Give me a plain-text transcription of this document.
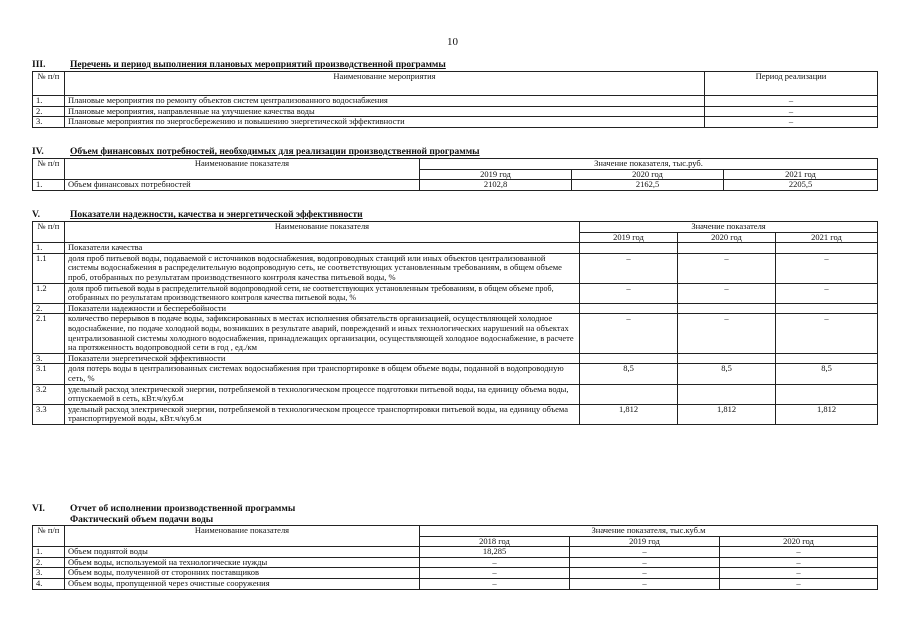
10
III.	Перечень и период выполнения плановых мероприятий производственной программы
№ п/п	Наименование мероприятия	Период реализации
1.	Плановые мероприятия по ремонту объектов систем централизованного водоснабжения	–
2.	Плановые мероприятия, направленные на улучшение качества воды	–
3.	Плановые мероприятия по энергосбережению и повышению энергетической эффективности	–
IV.	Объем финансовых потребностей, необходимых для реализации производственной программы
№ п/п	Наименование показателя	Значение показателя, тыс.руб.		
		2019 год	2020 год	2021 год
1.	Объем финансовых потребностей	2102,8	2162,5	2205,5
V.	Показатели надежности, качества и энергетической эффективности
№ п/п	Наименование показателя	Значение показателя		
		2019 год	2020 год	2021 год
1.	Показатели качества			
1.1	доля проб питьевой воды, подаваемой с источников водоснабжения, водопроводных станций или иных объектов централизованной системы водоснабжения в распределительную водопроводную сеть, не соответствующих установленным требованиям, в общем объеме проб, отобранных по результатам производственного контроля качества питьевой воды, %	–	–	–
1.2	доля проб питьевой воды в распределительной водопроводной сети, не соответствующих установленным требованиям, в общем объеме проб, отобранных по результатам производственного контроля качества питьевой воды, %	–	–	–
2.	Показатели надежности и бесперебойности			
2.1	количество перерывов в подаче воды, зафиксированных в местах исполнения обязательств организацией, осуществляющей холодное водоснабжение, по подаче холодной воды, возникших в результате аварий, повреждений и иных технологических нарушений на объектах централизованной системы холодного водоснабжения, принадлежащих организации, осуществляющей холодное водоснабжение, в расчете на протяженность водопроводной сети в год , ед./км	–	–	–
3.	Показатели энергетической эффективности			
3.1	доля потерь воды в централизованных системах водоснабжения при транспортировке в общем объеме воды, поданной в водопроводную сеть, %	8,5	8,5	8,5
3.2	удельный расход электрической энергии, потребляемой в технологическом процессе подготовки питьевой воды, на единицу объема воды, отпускаемой в сеть, кВт.ч/куб.м			
3.3	удельный расход электрической энергии, потребляемой в технологическом процессе транспортировки питьевой воды, на единицу объема транспортируемой воды, кВт.ч/куб.м	1,812	1,812	1,812
VI.	Отчет об исполнении производственной программы
Фактический объем подачи воды
№ п/п	Наименование показателя	Значение показателя, тыс.куб.м		
		2018 год	2019 год	2020 год
1.	Объем поднятой воды	18,285	–	–
2.	Объем воды, используемой на технологические нужды	–	–	–
3.	Объем воды, полученной от сторонних поставщиков	–	–	–
4.	Объем воды, пропущенной через очистные сооружения	–	–	–
